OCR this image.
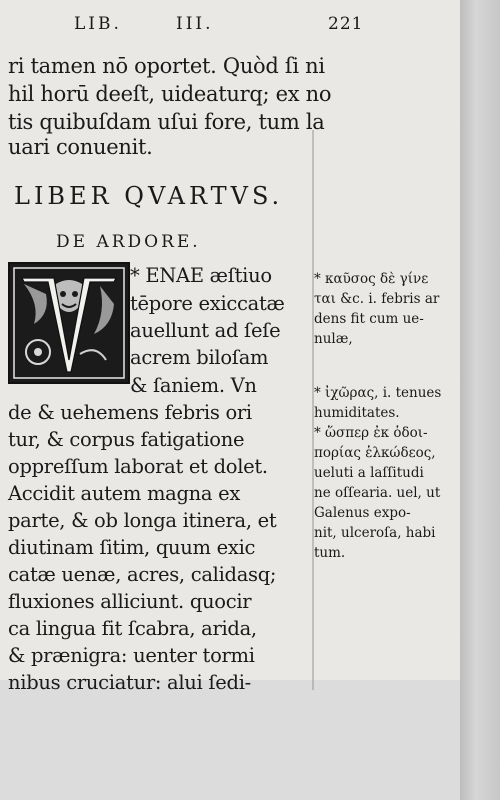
LIB.	III.	221
ri tamen nō oportet. Quòd ſi ni
hil horū deeſt, uideaturq; ex no
tis quibuſdam uſui fore, tum la
uari conuenit.
LIBER QVARTVS.
DE ARDORE.
V
* ENAE æſtiuo
tēpore exiccatæ
auellunt ad ſeſe
acrem biloſam
& ſaniem. Vn
de & uehemens febris ori
tur, & corpus fatigatione
oppreſſum laborat et dolet.
Accidit autem magna ex
parte, & ob longa itinera, et
diutinam ſitim, quum exic
catæ uenæ, acres, calidasq;
fluxiones alliciunt. quocir
ca lingua fit ſcabra, arida,
& prænigra: uenter tormi
nibus cruciatur: alui ſedi-
* καῦσος δὲ γίνε
ται &c. i. febris ar
dens fit cum ue-
nulæ,
* ἰχῶρας, i. tenues
humiditates.
* ὥσπερ ἐκ ὁδοι-
πορίας ἑλκώδεος,
ueluti a laſſitudi
ne oſſearia. uel, ut
Galenus expo-
nit, ulceroſa, habi
tum.
